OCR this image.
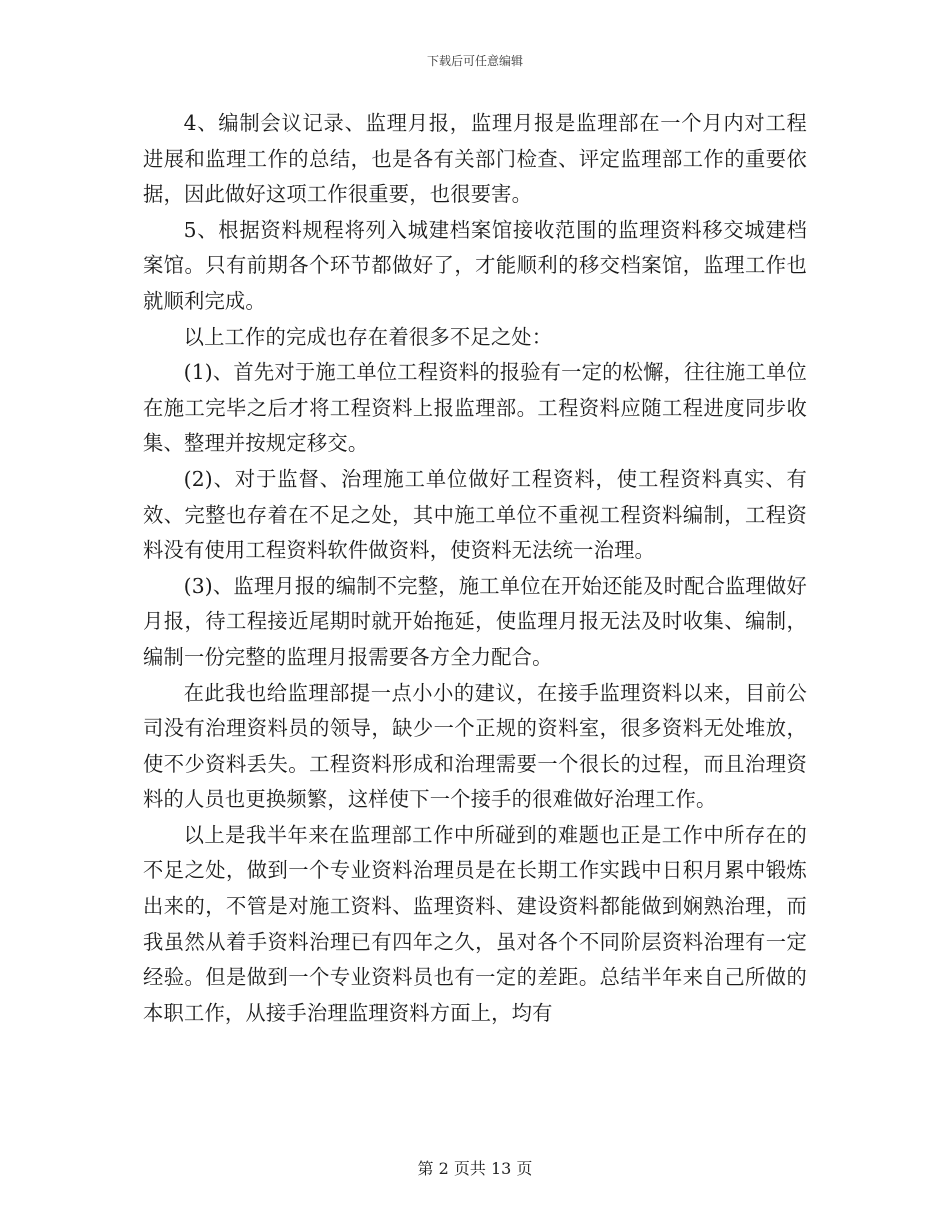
下载后可任意编辑

4、编制会议记录、监理月报，监理月报是监理部在一个月内对工程进展和监理工作的总结，也是各有关部门检查、评定监理部工作的重要依据，因此做好这项工作很重要，也很要害。

5、根据资料规程将列入城建档案馆接收范围的监理资料移交城建档案馆。只有前期各个环节都做好了，才能顺利的移交档案馆，监理工作也就顺利完成。

以上工作的完成也存在着很多不足之处：

(1)、首先对于施工单位工程资料的报验有一定的松懈，往往施工单位在施工完毕之后才将工程资料上报监理部。工程资料应随工程进度同步收集、整理并按规定移交。

(2)、对于监督、治理施工单位做好工程资料，使工程资料真实、有效、完整也存着在不足之处，其中施工单位不重视工程资料编制，工程资料没有使用工程资料软件做资料，使资料无法统一治理。

(3)、监理月报的编制不完整，施工单位在开始还能及时配合监理做好月报，待工程接近尾期时就开始拖延，使监理月报无法及时收集、编制，编制一份完整的监理月报需要各方全力配合。

在此我也给监理部提一点小小的建议，在接手监理资料以来，目前公司没有治理资料员的领导，缺少一个正规的资料室，很多资料无处堆放，使不少资料丢失。工程资料形成和治理需要一个很长的过程，而且治理资料的人员也更换频繁，这样使下一个接手的很难做好治理工作。

以上是我半年来在监理部工作中所碰到的难题也正是工作中所存在的不足之处，做到一个专业资料治理员是在长期工作实践中日积月累中锻炼出来的，不管是对施工资料、监理资料、建设资料都能做到娴熟治理，而我虽然从着手资料治理已有四年之久，虽对各个不同阶层资料治理有一定经验。但是做到一个专业资料员也有一定的差距。总结半年来自己所做的本职工作，从接手治理监理资料方面上，均有

第 2 页共 13 页
